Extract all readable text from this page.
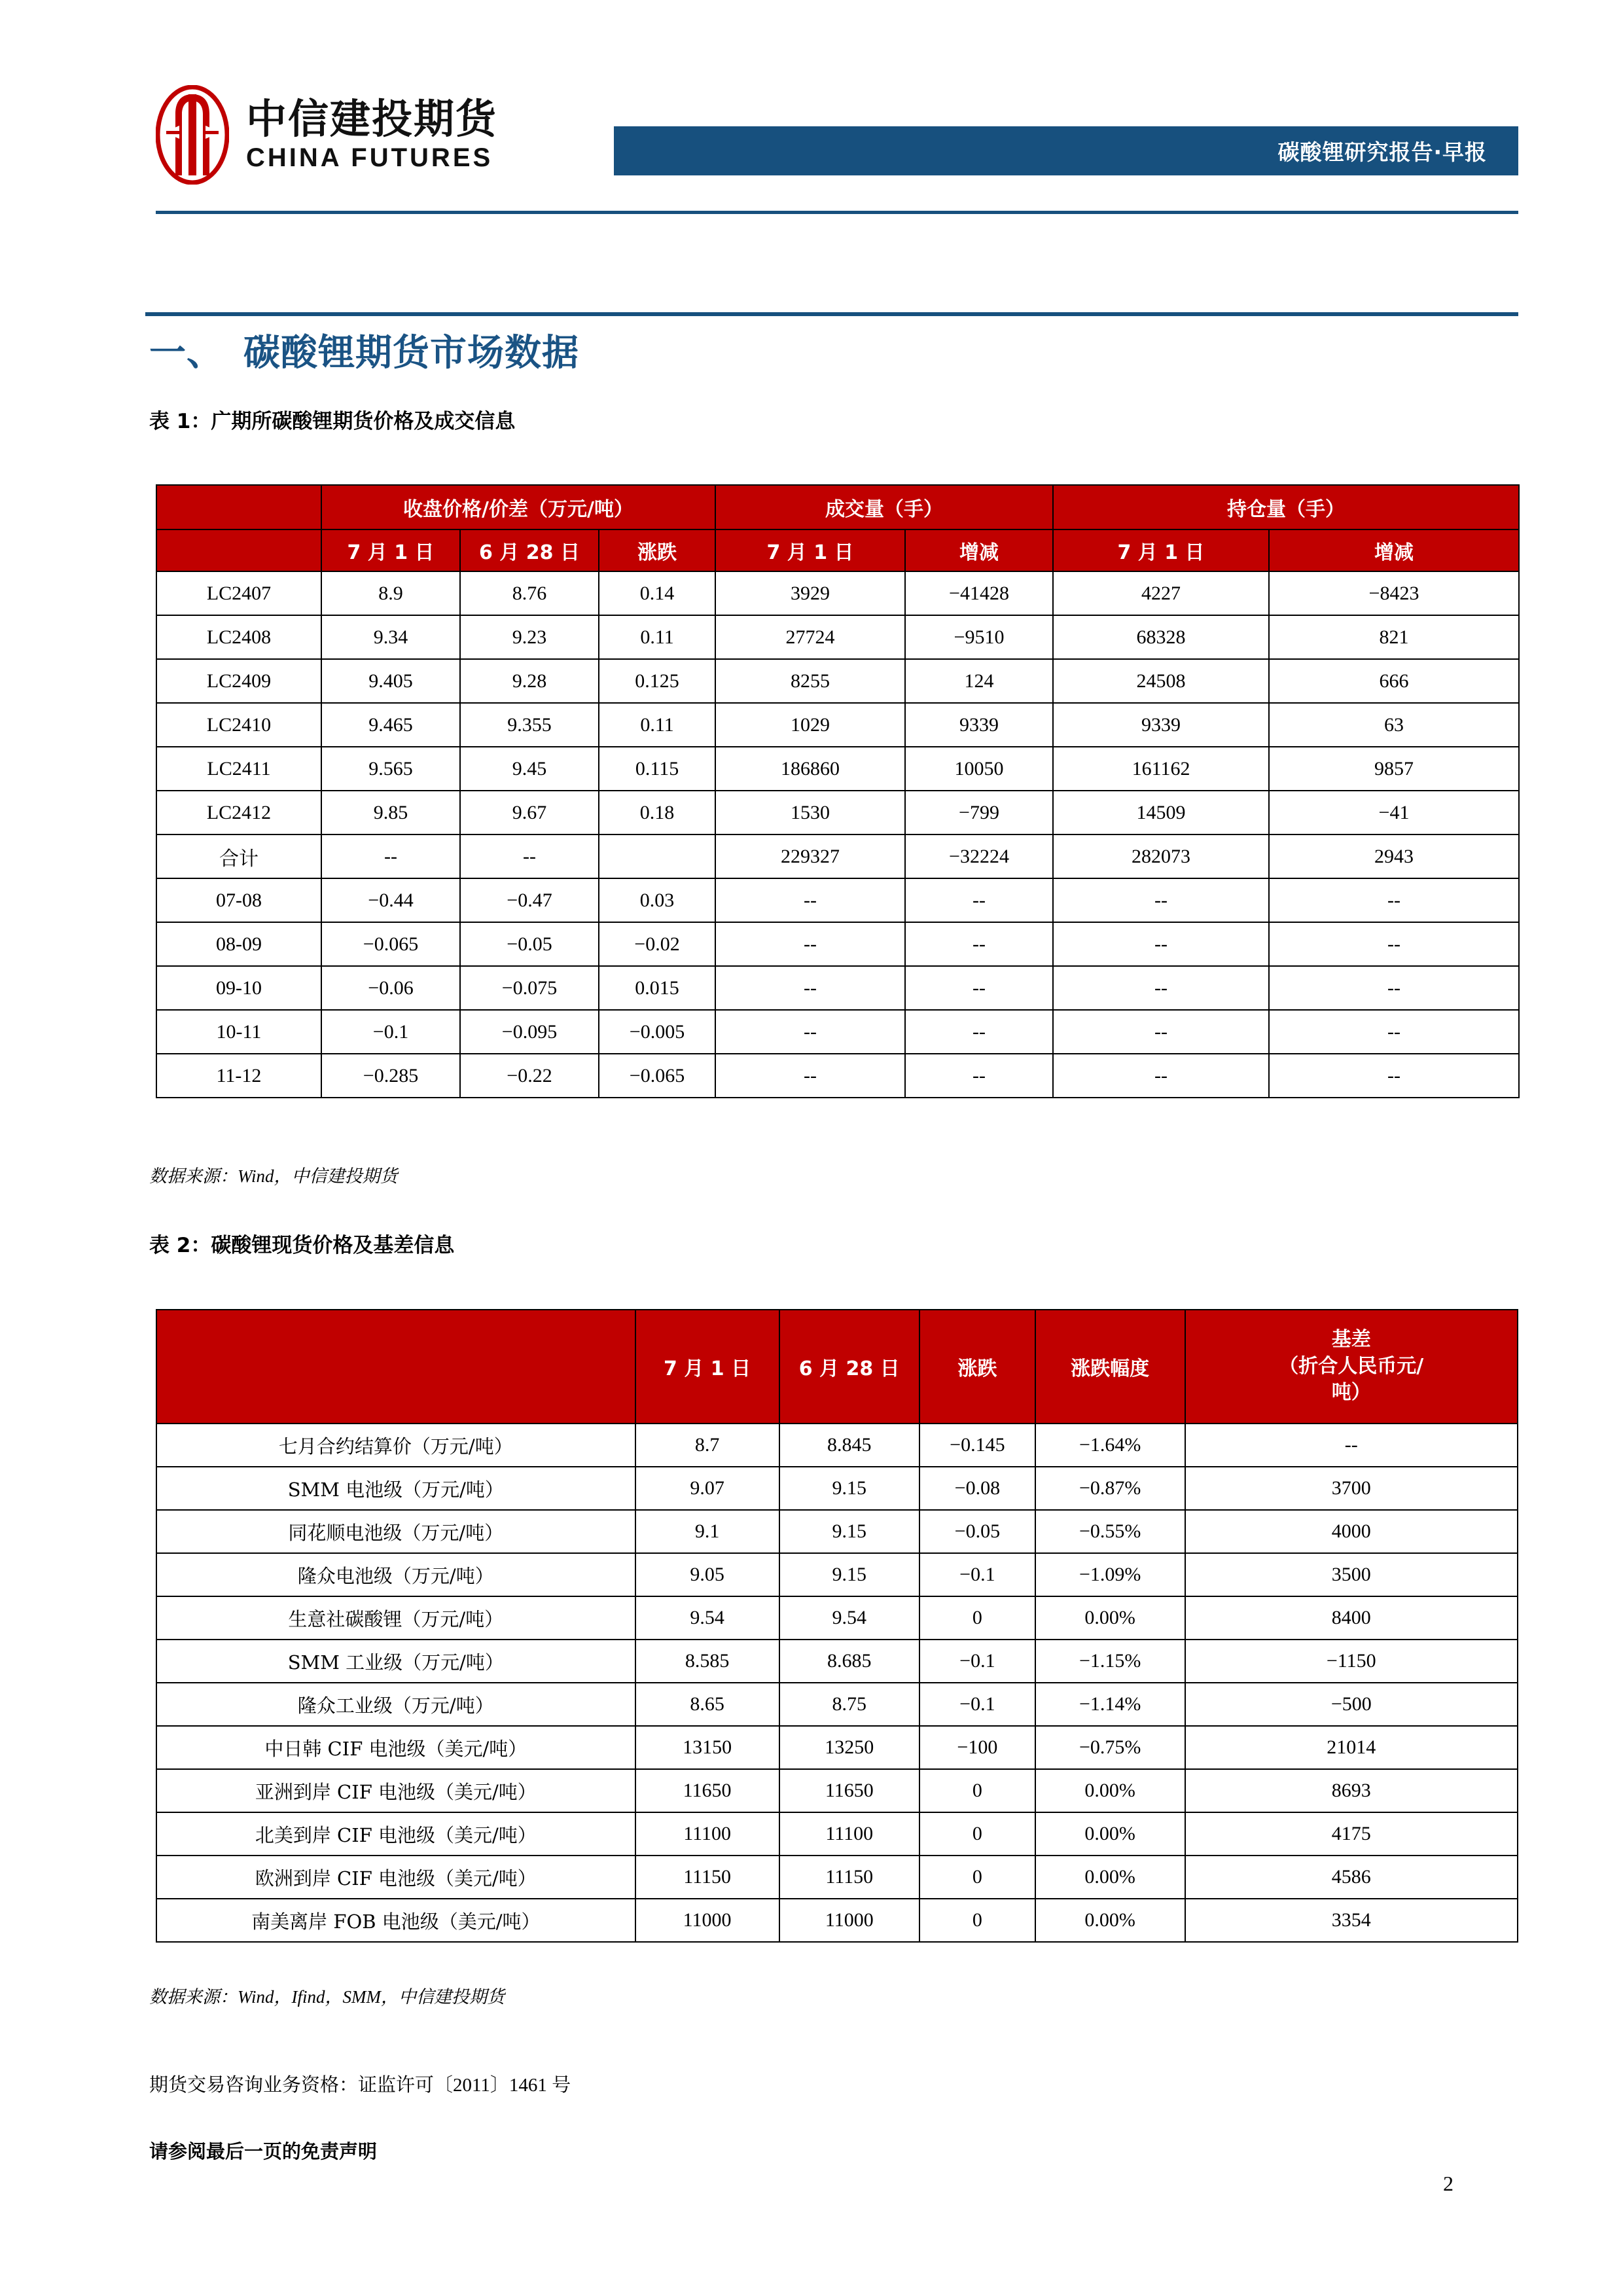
中信建投期货
CHINA FUTURES	碳酸锂研究报告·早报
一、 碳酸锂期货市场数据
表 1：广期所碳酸锂期货价格及成交信息
	收盘价格/价差（万元/吨）			成交量（手）		持仓量（手）	
	7 月 1 日	6 月 28 日	涨跌	7 月 1 日	增减	7 月 1 日	增减
LC2407	8.9	8.76	0.14	3929	−41428	4227	−8423
LC2408	9.34	9.23	0.11	27724	−9510	68328	821
LC2409	9.405	9.28	0.125	8255	124	24508	666
LC2410	9.465	9.355	0.11	1029	9339	9339	63
LC2411	9.565	9.45	0.115	186860	10050	161162	9857
LC2412	9.85	9.67	0.18	1530	−799	14509	−41
合计	--	--		229327	−32224	282073	2943
07-08	−0.44	−0.47	0.03	--	--	--	--
08-09	−0.065	−0.05	−0.02	--	--	--	--
09-10	−0.06	−0.075	0.015	--	--	--	--
10-11	−0.1	−0.095	−0.005	--	--	--	--
11-12	−0.285	−0.22	−0.065	--	--	--	--
数据来源：Wind，中信建投期货
表 2：碳酸锂现货价格及基差信息
	7 月 1 日	6 月 28 日	涨跌	涨跌幅度	基差
（折合人民币元/
吨）

七月合约结算价（万元/吨）	8.7	8.845	−0.145	−1.64%	--
SMM 电池级（万元/吨）	9.07	9.15	−0.08	−0.87%	3700
同花顺电池级（万元/吨）	9.1	9.15	−0.05	−0.55%	4000
隆众电池级（万元/吨）	9.05	9.15	−0.1	−1.09%	3500
生意社碳酸锂（万元/吨）	9.54	9.54	0	0.00%	8400
SMM 工业级（万元/吨）	8.585	8.685	−0.1	−1.15%	−1150
隆众工业级（万元/吨）	8.65	8.75	−0.1	−1.14%	−500
中日韩 CIF 电池级（美元/吨）	13150	13250	−100	−0.75%	21014
亚洲到岸 CIF 电池级（美元/吨）	11650	11650	0	0.00%	8693
北美到岸 CIF 电池级（美元/吨）	11100	11100	0	0.00%	4175
欧洲到岸 CIF 电池级（美元/吨）	11150	11150	0	0.00%	4586
南美离岸 FOB 电池级（美元/吨）	11000	11000	0	0.00%	3354
数据来源：Wind，Ifind，SMM，中信建投期货
期货交易咨询业务资格：证监许可〔2011〕1461 号
请参阅最后一页的免责声明
2
